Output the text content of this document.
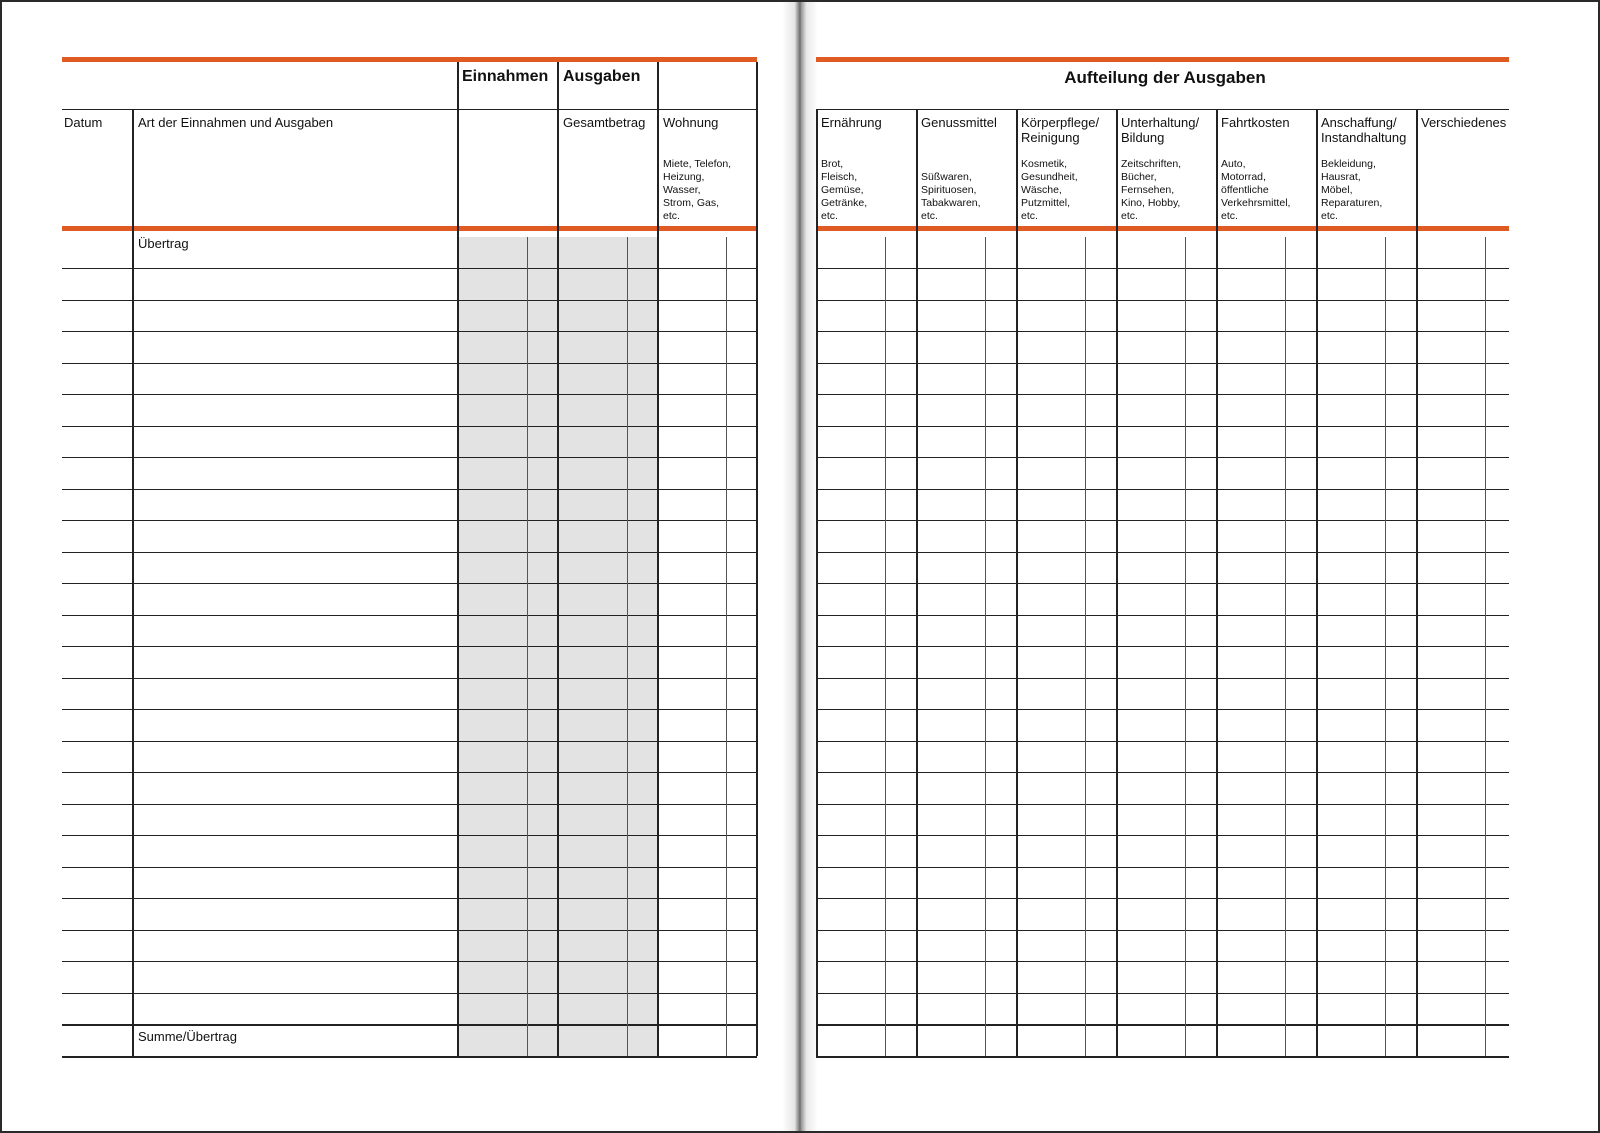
Einnahmen Ausgaben
Datum	Art der Einnahmen und Ausgaben	Gesamtbetrag Wohnung
Miete, Telefon,
Heizung,
Wasser,
Strom, Gas,
etc.
Übertrag
Summe/Übertrag
Aufteilung der Ausgaben
Ernährung
Brot,
Fleisch,
Gemüse,
Getränke,
etc.
Genussmittel
Süßwaren,
Spirituosen,
Tabakwaren,
etc.
Körperpflege/
Reinigung
Kosmetik,
Gesundheit,
Wäsche,
Putzmittel,
etc.
Unterhaltung/
Bildung
Zeitschriften,
Bücher,
Fernsehen,
Kino, Hobby,
etc.
Fahrtkosten
Auto,
Motorrad,
öffentliche
Verkehrsmittel,
etc.
Anschaffung/
Instandhaltung
Bekleidung,
Hausrat,
Möbel,
Reparaturen,
etc.
Verschiedenes
